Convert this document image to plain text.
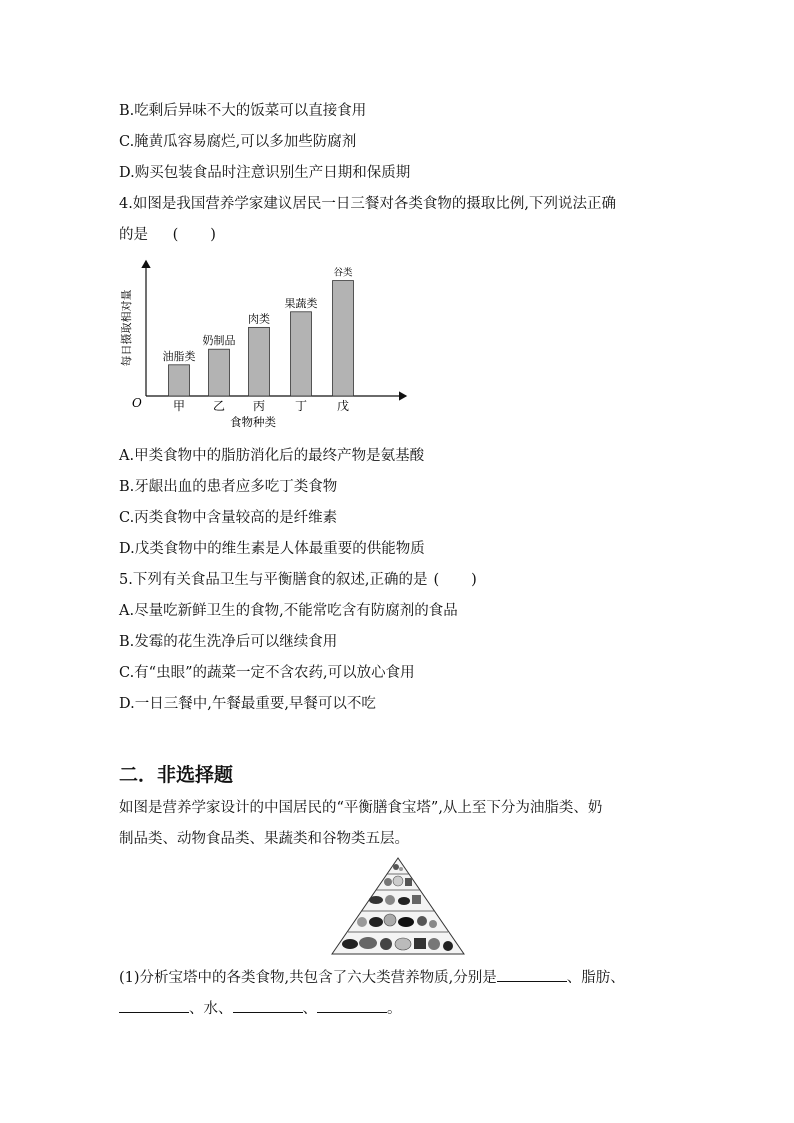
B.吃剩后异味不大的饭菜可以直接食用
C.腌黄瓜容易腐烂,可以多加些防腐剂
D.购买包装食品时注意识别生产日期和保质期
4.如图是我国营养学家建议居民一日三餐对各类食物的摄取比例,下列说法正确
的是 ( )
O
每日摄取相对量
食物种类
油脂类
甲
奶制品
乙
肉类
丙
果蔬类
丁
谷类
戊
A.甲类食物中的脂肪消化后的最终产物是氨基酸
B.牙龈出血的患者应多吃丁类食物
C.丙类食物中含量较高的是纤维素
D.戊类食物中的维生素是人体最重要的供能物质
5.下列有关食品卫生与平衡膳食的叙述,正确的是 ( )
A.尽量吃新鲜卫生的食物,不能常吃含有防腐剂的食品
B.发霉的花生洗净后可以继续食用
C.有“虫眼”的蔬菜一定不含农药,可以放心食用
D.一日三餐中,午餐最重要,早餐可以不吃
二．非选择题
如图是营养学家设计的中国居民的“平衡膳食宝塔”,从上至下分为油脂类、奶
制品类、动物食品类、果蔬类和谷物类五层。
(1)分析宝塔中的各类食物,共包含了六大类营养物质,分别是	、脂肪、
、水、	、	。
